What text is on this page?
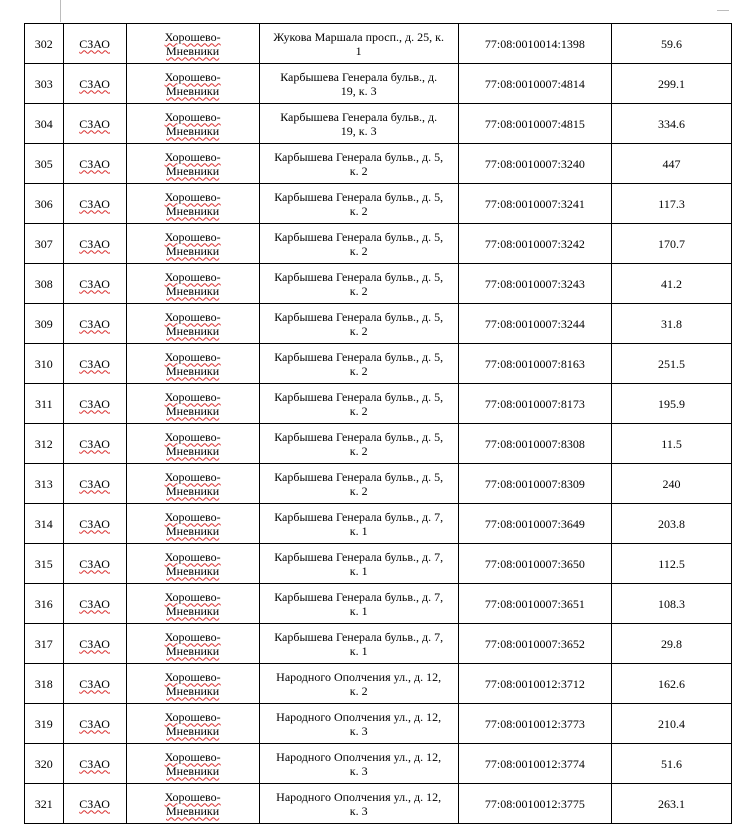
302	СЗАО	Хорошево-
Мневники	Жукова Маршала просп., д. 25, к.
1	77:08:0010014:1398	59.6
303	СЗАО	Хорошево-
Мневники	Карбышева Генерала бульв., д.
19, к. 3	77:08:0010007:4814	299.1
304	СЗАО	Хорошево-
Мневники	Карбышева Генерала бульв., д.
19, к. 3	77:08:0010007:4815	334.6
305	СЗАО	Хорошево-
Мневники	Карбышева Генерала бульв., д. 5,
к. 2	77:08:0010007:3240	447
306	СЗАО	Хорошево-
Мневники	Карбышева Генерала бульв., д. 5,
к. 2	77:08:0010007:3241	117.3
307	СЗАО	Хорошево-
Мневники	Карбышева Генерала бульв., д. 5,
к. 2	77:08:0010007:3242	170.7
308	СЗАО	Хорошево-
Мневники	Карбышева Генерала бульв., д. 5,
к. 2	77:08:0010007:3243	41.2
309	СЗАО	Хорошево-
Мневники	Карбышева Генерала бульв., д. 5,
к. 2	77:08:0010007:3244	31.8
310	СЗАО	Хорошево-
Мневники	Карбышева Генерала бульв., д. 5,
к. 2	77:08:0010007:8163	251.5
311	СЗАО	Хорошево-
Мневники	Карбышева Генерала бульв., д. 5,
к. 2	77:08:0010007:8173	195.9
312	СЗАО	Хорошево-
Мневники	Карбышева Генерала бульв., д. 5,
к. 2	77:08:0010007:8308	11.5
313	СЗАО	Хорошево-
Мневники	Карбышева Генерала бульв., д. 5,
к. 2	77:08:0010007:8309	240
314	СЗАО	Хорошево-
Мневники	Карбышева Генерала бульв., д. 7,
к. 1	77:08:0010007:3649	203.8
315	СЗАО	Хорошево-
Мневники	Карбышева Генерала бульв., д. 7,
к. 1	77:08:0010007:3650	112.5
316	СЗАО	Хорошево-
Мневники	Карбышева Генерала бульв., д. 7,
к. 1	77:08:0010007:3651	108.3
317	СЗАО	Хорошево-
Мневники	Карбышева Генерала бульв., д. 7,
к. 1	77:08:0010007:3652	29.8
318	СЗАО	Хорошево-
Мневники	Народного Ополчения ул., д. 12,
к. 2	77:08:0010012:3712	162.6
319	СЗАО	Хорошево-
Мневники	Народного Ополчения ул., д. 12,
к. 3	77:08:0010012:3773	210.4
320	СЗАО	Хорошево-
Мневники	Народного Ополчения ул., д. 12,
к. 3	77:08:0010012:3774	51.6
321	СЗАО	Хорошево-
Мневники	Народного Ополчения ул., д. 12,
к. 3	77:08:0010012:3775	263.1
